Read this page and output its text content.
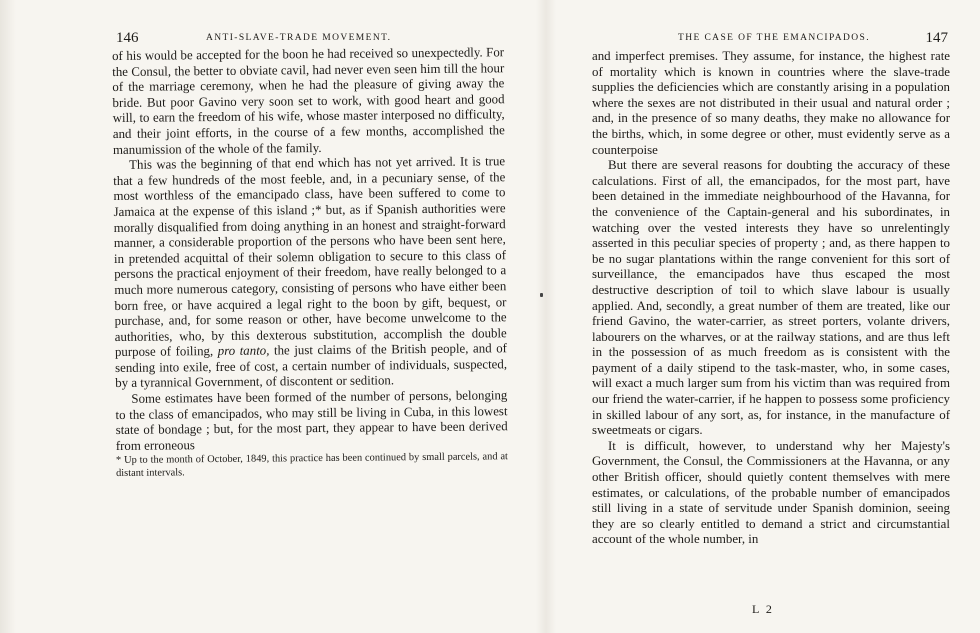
146	ANTI-SLAVE-TRADE MOVEMENT.

of his would be accepted for the boon he had received so unexpectedly. For the Consul, the better to obviate cavil, had never even seen him till the hour of the marriage ceremony, when he had the pleasure of giving away the bride. But poor Gavino very soon set to work, with good heart and good will, to earn the freedom of his wife, whose master interposed no difficulty, and their joint efforts, in the course of a few months, accomplished the manumission of the whole of the family.

This was the beginning of that end which has not yet arrived. It is true that a few hundreds of the most feeble, and, in a pecuniary sense, of the most worthless of the emancipado class, have been suffered to come to Jamaica at the expense of this island ;* but, as if Spanish authorities were morally disqualified from doing anything in an honest and straight-forward manner, a considerable proportion of the persons who have been sent here, in pretended acquittal of their solemn obligation to secure to this class of persons the practical enjoyment of their freedom, have really belonged to a much more numerous category, consisting of persons who have either been born free, or have acquired a legal right to the boon by gift, bequest, or purchase, and, for some reason or other, have become unwelcome to the authorities, who, by this dexterous substitution, accomplish the double purpose of foiling, pro tanto, the just claims of the British people, and of sending into exile, free of cost, a certain number of individuals, suspected, by a tyrannical Government, of discontent or sedition.

Some estimates have been formed of the number of persons, belonging to the class of emancipados, who may still be living in Cuba, in this lowest state of bondage ; but, for the most part, they appear to have been derived from erroneous

* Up to the month of October, 1849, this practice has been continued by small parcels, and at distant intervals.

THE CASE OF THE EMANCIPADOS.	147

and imperfect premises. They assume, for instance, the highest rate of mortality which is known in countries where the slave-trade supplies the deficiencies which are constantly arising in a population where the sexes are not distributed in their usual and natural order ; and, in the presence of so many deaths, they make no allowance for the births, which, in some degree or other, must evidently serve as a counterpoise

But there are several reasons for doubting the accuracy of these calculations. First of all, the emancipados, for the most part, have been detained in the immediate neighbourhood of the Havanna, for the convenience of the Captain-general and his subordinates, in watching over the vested interests they have so unrelentingly asserted in this peculiar species of property ; and, as there happen to be no sugar plantations within the range convenient for this sort of surveillance, the emancipados have thus escaped the most destructive description of toil to which slave labour is usually applied. And, secondly, a great number of them are treated, like our friend Gavino, the water-carrier, as street porters, volante drivers, labourers on the wharves, or at the railway stations, and are thus left in the possession of as much freedom as is consistent with the payment of a daily stipend to the task-master, who, in some cases, will exact a much larger sum from his victim than was required from our friend the water-carrier, if he happen to possess some proficiency in skilled labour of any sort, as, for instance, in the manufacture of sweetmeats or cigars.

It is difficult, however, to understand why her Majesty's Government, the Consul, the Commissioners at the Havanna, or any other British officer, should quietly content themselves with mere estimates, or calculations, of the probable number of emancipados still living in a state of servitude under Spanish dominion, seeing they are so clearly entitled to demand a strict and circumstantial account of the whole number, in

L 2
